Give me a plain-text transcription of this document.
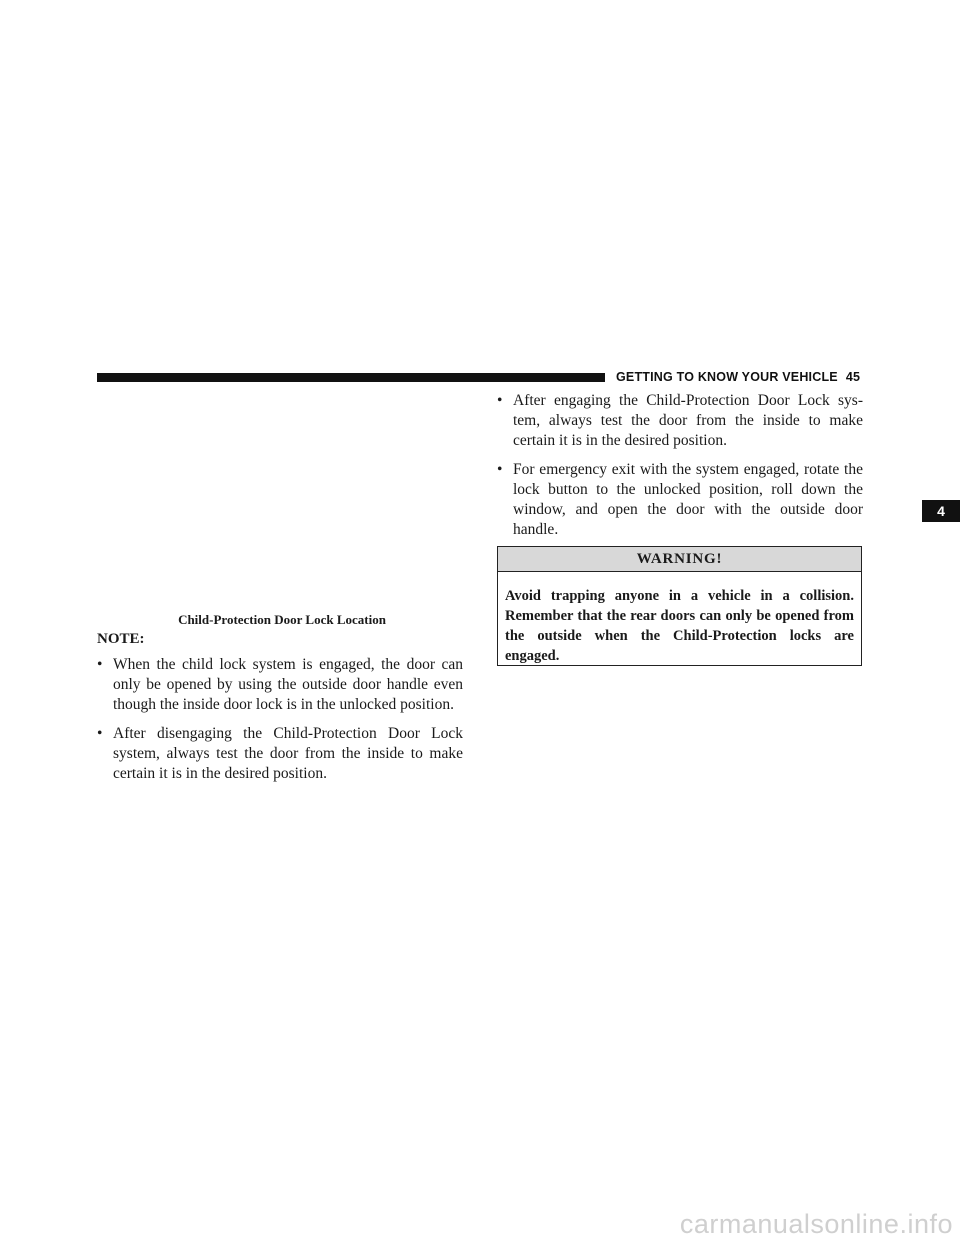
GETTING TO KNOW YOUR VEHICLE 45
4
Child-Protection Door Lock Location
NOTE:
• When the child lock system is engaged, the door can only be opened by using the outside door handle even though the inside door lock is in the unlocked position.
• After disengaging the Child-Protection Door Lock system, always test the door from the inside to make certain it is in the desired position.
• After engaging the Child-Protection Door Lock sys- tem, always test the door from the inside to make certain it is in the desired position.
• For emergency exit with the system engaged, rotate the lock button to the unlocked position, roll down the window, and open the door with the outside door handle.
WARNING!
Avoid trapping anyone in a vehicle in a collision. Remember that the rear doors can only be opened from the outside when the Child-Protection locks are engaged.
carmanualsonline.info
